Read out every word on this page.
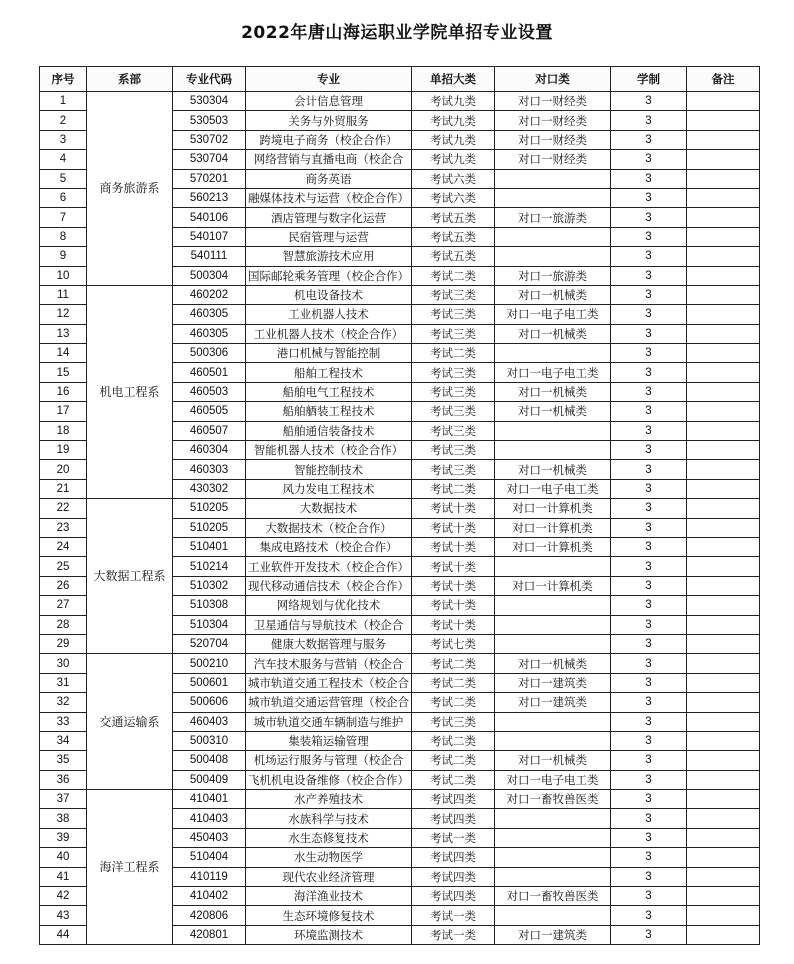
2022年唐山海运职业学院单招专业设置
序号	系部	专业代码	专业	单招大类	对口类	学制	备注
1	商务旅游系	530304	会计信息管理	考试九类	对口一财经类	3	
2		530503	关务与外贸服务	考试九类	对口一财经类	3	
3		530702	跨境电子商务（校企合作）	考试九类	对口一财经类	3	
4		530704	网络营销与直播电商（校企合	考试九类	对口一财经类	3	
5		570201	商务英语	考试六类		3	
6		560213	融媒体技术与运营（校企合作）	考试六类		3	
7		540106	酒店管理与数字化运营	考试五类	对口一旅游类	3	
8		540107	民宿管理与运营	考试五类		3	
9		540111	智慧旅游技术应用	考试五类		3	
10		500304	国际邮轮乘务管理（校企合作）	考试二类	对口一旅游类	3	
11	机电工程系	460202	机电设备技术	考试三类	对口一机械类	3	
12		460305	工业机器人技术	考试三类	对口一电子电工类	3	
13		460305	工业机器人技术（校企合作）	考试三类	对口一机械类	3	
14		500306	港口机械与智能控制	考试二类		3	
15		460501	船舶工程技术	考试三类	对口一电子电工类	3	
16		460503	船舶电气工程技术	考试三类	对口一机械类	3	
17		460505	船舶舾装工程技术	考试三类	对口一机械类	3	
18		460507	船舶通信装备技术	考试三类		3	
19		460304	智能机器人技术（校企合作）	考试三类		3	
20		460303	智能控制技术	考试三类	对口一机械类	3	
21		430302	风力发电工程技术	考试二类	对口一电子电工类	3	
22	大数据工程系	510205	大数据技术	考试十类	对口一计算机类	3	
23		510205	大数据技术（校企合作）	考试十类	对口一计算机类	3	
24		510401	集成电路技术（校企合作）	考试十类	对口一计算机类	3	
25		510214	工业软件开发技术（校企合作）	考试十类		3	
26		510302	现代移动通信技术（校企合作）	考试十类	对口一计算机类	3	
27		510308	网络规划与优化技术	考试十类		3	
28		510304	卫星通信与导航技术（校企合	考试十类		3	
29		520704	健康大数据管理与服务	考试七类		3	
30	交通运输系	500210	汽车技术服务与营销（校企合	考试二类	对口一机械类	3	
31		500601	城市轨道交通工程技术（校企合	考试二类	对口一建筑类	3	
32		500606	城市轨道交通运营管理（校企合	考试二类	对口一建筑类	3	
33		460403	城市轨道交通车辆制造与维护	考试三类		3	
34		500310	集装箱运输管理	考试二类		3	
35		500408	机场运行服务与管理（校企合	考试二类	对口一机械类	3	
36		500409	飞机机电设备维修（校企合作）	考试二类	对口一电子电工类	3	
37	海洋工程系	410401	水产养殖技术	考试四类	对口一畜牧兽医类	3	
38		410403	水族科学与技术	考试四类		3	
39		450403	水生态修复技术	考试一类		3	
40		510404	水生动物医学	考试四类		3	
41		410119	现代农业经济管理	考试四类		3	
42		410402	海洋渔业技术	考试四类	对口一畜牧兽医类	3	
43		420806	生态环境修复技术	考试一类		3	
44		420801	环境监测技术	考试一类	对口一建筑类	3	
